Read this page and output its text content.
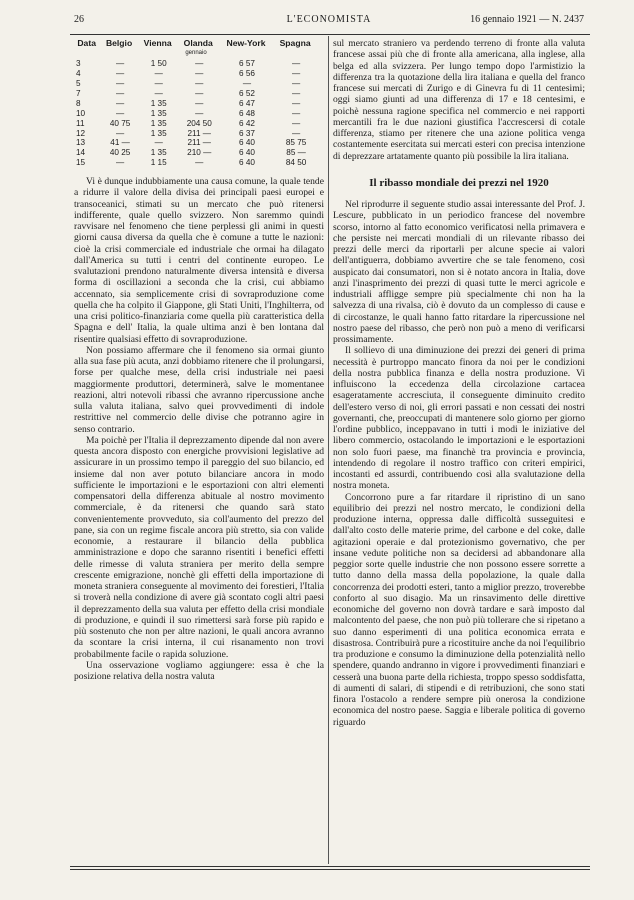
26	L'ECONOMISTA	16 gennaio 1921 — N. 2437
Data	Belgio	Vienna	Olanda	New-York	Spagna
gennaio					
3	—	1 50	—	6 57	—
4	—	—	—	6 56	—
5	—	—	—	—	—
7	—	—	—	6 52	—
8	—	1 35	—	6 47	—
10	—	1 35	—	6 48	—
11	40 75	1 35	204 50	6 42	—
12	—	1 35	211 —	6 37	—
13	41 —	—	211 —	6 40	85 75
14	40 25	1 35	210 —	6 40	85 —
15	—	1 15	—	6 40	84 50

Vi è dunque indubbiamente una causa comune, la quale tende a ridurre il valore della divisa dei principali paesi europei e transoceanici, stimati su un mercato che può ritenersi indifferente, quale quello svizzero. Non saremmo quindi ravvisare nel fenomeno che tiene perplessi gli animi in questi giorni causa diversa da quella che è comune a tutte le nazioni: cioè la crisi commerciale ed industriale che ormai ha dilagato dall'America su tutti i centri del continente europeo. Le svalutazioni prendono naturalmente diversa intensità e diversa forma di oscillazioni a seconda che la crisi, cui abbiamo accennato, sia semplicemente crisi di sovraproduzione come quella che ha colpito il Giappone, gli Stati Uniti, l'Inghilterra, od una crisi politico-finanziaria come quella più caratteristica della Spagna e dell' Italia, la quale ultima anzi è ben lontana dal risentire qualsiasi effetto di sovraproduzione.

Non possiamo affermare che il fenomeno sia ormai giunto alla sua fase più acuta, anzi dobbiamo ritenere che il prolungarsi, forse per qualche mese, della crisi industriale nei paesi maggiormente produttori, determinerà, salve le momentanee reazioni, altri notevoli ribassi che avranno ripercussione anche sulla valuta italiana, salvo quei provvedimenti di indole restrittive nel commercio delle divise che potranno agire in senso contrario.

Ma poichè per l'Italia il deprezzamento dipende dal non avere questa ancora disposto con energiche provvisioni legislative ad assicurare in un prossimo tempo il pareggio del suo bilancio, ed insieme dal non aver potuto bilanciare ancora in modo sufficiente le importazioni e le esportazioni con altri elementi compensatori della differenza abituale al nostro movimento commerciale, è da ritenersi che quando sarà stato convenientemente provveduto, sia coll'aumento del prezzo del pane, sia con un regime fiscale ancora più stretto, sia con valide economie, a restaurare il bilancio della pubblica amministrazione e dopo che saranno risentiti i benefici effetti delle rimesse di valuta straniera per merito della sempre crescente emigrazione, nonchè gli effetti della importazione di moneta straniera conseguente al movimento dei forestieri, l'Italia si troverà nella condizione di avere già scontato cogli altri paesi il deprezzamento della sua valuta per effetto della crisi mondiale di produzione, e quindi il suo rimettersi sarà forse più rapido e più sostenuto che non per altre nazioni, le quali ancora avranno da scontare la crisi interna, il cui risanamento non trovi probabilmente facile o rapida soluzione.

Una osservazione vogliamo aggiungere: essa è che la posizione relativa della nostra valuta

sul mercato straniero va perdendo terreno di fronte alla valuta francese assai più che di fronte alla americana, alla inglese, alla belga ed alla svizzera. Per lungo tempo dopo l'armistizio la differenza tra la quotazione della lira italiana e quella del franco francese sui mercati di Zurigo e di Ginevra fu di 11 centesimi; oggi siamo giunti ad una differenza di 17 e 18 centesimi, e poichè nessuna ragione specifica nel commercio e nei rapporti mercantili fra le due nazioni giustifica l'accrescersi di cotale differenza, stiamo per ritenere che una azione politica venga costantemente esercitata sui mercati esteri con precisa intenzione di deprezzare artatamente quanto più possibile la lira italiana.

Il ribasso mondiale dei prezzi nel 1920

Nel riprodurre il seguente studio assai interessante del Prof. J. Lescure, pubblicato in un periodico francese del novembre scorso, intorno al fatto economico verificatosi nella primavera e che persiste nei mercati mondiali di un rilevante ribasso dei prezzi delle merci da riportarli per alcune specie ai valori dell'antiguerra, dobbiamo avvertire che se tale fenomeno, così auspicato dai consumatori, non si è notato ancora in Italia, dove anzi l'inasprimento dei prezzi di quasi tutte le merci agricole e industriali affligge sempre più specialmente chi non ha la salvezza di una rivalsa, ciò è dovuto da un complesso di cause e di circostanze, le quali hanno fatto ritardare la ripercussione nel nostro paese del ribasso, che però non può a meno di verificarsi prossimamente.

Il sollievo di una diminuzione dei prezzi dei generi di prima necessità è purtroppo mancato finora da noi per le condizioni della nostra pubblica finanza e della nostra produzione. Vi influiscono la eccedenza della circolazione cartacea esageratamente accresciuta, il conseguente diminuito credito dell'estero verso di noi, gli errori passati e non cessati dei nostri governanti, che, preoccupati di mantenere solo giorno per giorno l'ordine pubblico, inceppavano in tutti i modi le iniziative del libero commercio, ostacolando le importazioni e le esportazioni non solo fuori paese, ma financhè tra provincia e provincia, intendendo di regolare il nostro traffico con criteri empirici, incostanti ed assurdi, contribuendo così alla svalutazione della nostra moneta.

Concorrono pure a far ritardare il ripristino di un sano equilibrio dei prezzi nel nostro mercato, le condizioni della produzione interna, oppressa dalle difficoltà susseguitesi e dall'alto costo delle materie prime, del carbone e del coke, dalle agitazioni operaie e dal protezionismo governativo, che per insane vedute politiche non sa decidersi ad abbandonare alla peggior sorte quelle industrie che non possono essere sorrette a tutto danno della massa della popolazione, la quale dalla concorrenza dei prodotti esteri, tanto a miglior prezzo, troverebbe conforto al suo disagio. Ma un rinsavimento delle direttive economiche del governo non dovrà tardare e sarà imposto dal malcontento del paese, che non può più tollerare che si ripetano a suo danno esperimenti di una politica economica errata e disastrosa. Contribuirà pure a ricostituire anche da noi l'equilibrio tra produzione e consumo la diminuzione della potenzialità nello spendere, quando andranno in vigore i provvedimenti finanziari e cesserà una buona parte della richiesta, troppo spesso soddisfatta, di aumenti di salari, di stipendi e di retribuzioni, che sono stati finora l'ostacolo a rendere sempre più onerosa la condizione economica del nostro paese. Saggia e liberale politica di governo riguardo
